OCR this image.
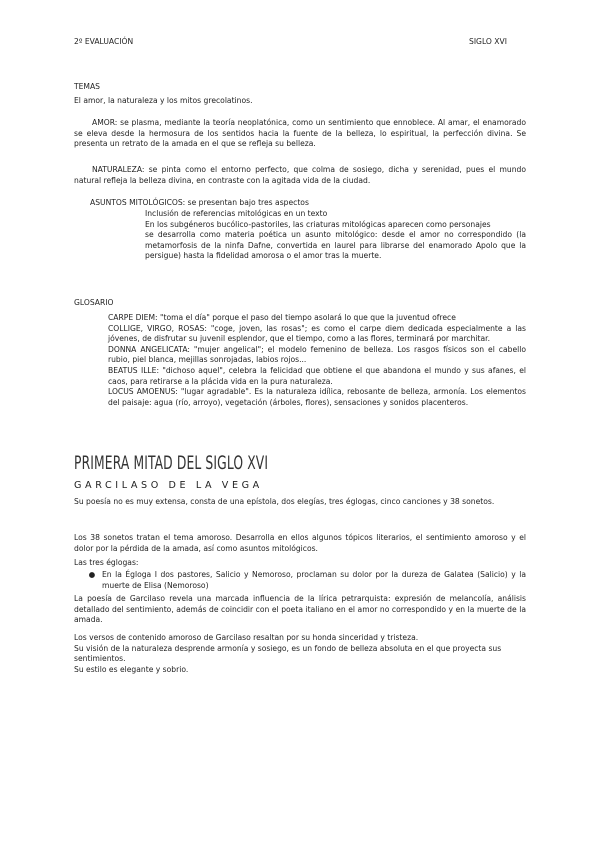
2º EVALUACIÓN	SIGLO XVI

TEMAS

El amor, la naturaleza y los mitos grecolatinos.

AMOR: se plasma, mediante la teoría neoplatónica, como un sentimiento que ennoblece. Al amar, el enamorado se eleva desde la hermosura de los sentidos hacia la fuente de la belleza, lo espiritual, la perfección divina. Se presenta un retrato de la amada en el que se refleja su belleza.

NATURALEZA: se pinta como el entorno perfecto, que colma de sosiego, dicha y serenidad, pues el mundo natural refleja la belleza divina, en contraste con la agitada vida de la ciudad.

ASUNTOS MITOLÓGICOS: se presentan bajo tres aspectos

Inclusión de referencias mitológicas en un texto

En los subgéneros bucólico-pastoriles, las criaturas mitológicas aparecen como personajes

se desarrolla como materia poética un asunto mitológico: desde el amor no correspondido (la metamorfosis de la ninfa Dafne, convertida en laurel para librarse del enamorado Apolo que la persigue) hasta la fidelidad amorosa o el amor tras la muerte.

GLOSARIO

CARPE DIEM: "toma el día" porque el paso del tiempo asolará lo que que la juventud ofrece

COLLIGE, VIRGO, ROSAS: "coge, joven, las rosas"; es como el carpe diem dedicada especialmente a las jóvenes, de disfrutar su juvenil esplendor, que el tiempo, como a las flores, terminará por marchitar.

DONNA ANGELICATA: "mujer angelical"; el modelo femenino de belleza. Los rasgos físicos son el cabello rubio, piel blanca, mejillas sonrojadas, labios rojos...

BEATUS ILLE: "dichoso aquel", celebra la felicidad que obtiene el que abandona el mundo y sus afanes, el caos, para retirarse a la plácida vida en la pura naturaleza.

LOCUS AMOENUS: "lugar agradable". Es la naturaleza idílica, rebosante de belleza, armonía. Los elementos del paisaje: agua (río, arroyo), vegetación (árboles, flores), sensaciones y sonidos placenteros.

PRIMERA MITAD DEL SIGLO XVI
GARCILASO DE LA VEGA

Su poesía no es muy extensa, consta de una epístola, dos elegías, tres églogas, cinco canciones y 38 sonetos.

Los 38 sonetos tratan el tema amoroso. Desarrolla en ellos algunos tópicos literarios, el sentimiento amoroso y el dolor por la pérdida de la amada, así como asuntos mitológicos.

Las tres églogas:

● En la Égloga I dos pastores, Salicio y Nemoroso, proclaman su dolor por la dureza de Galatea (Salicio) y la muerte de Elisa (Nemoroso)

La poesía de Garcilaso revela una marcada influencia de la lírica petrarquista: expresión de melancolía, análisis detallado del sentimiento, además de coincidir con el poeta italiano en el amor no correspondido y en la muerte de la amada.

Los versos de contenido amoroso de Garcilaso resaltan por su honda sinceridad y tristeza.

Su visión de la naturaleza desprende armonía y sosiego, es un fondo de belleza absoluta en el que proyecta sus sentimientos.

Su estilo es elegante y sobrio.
